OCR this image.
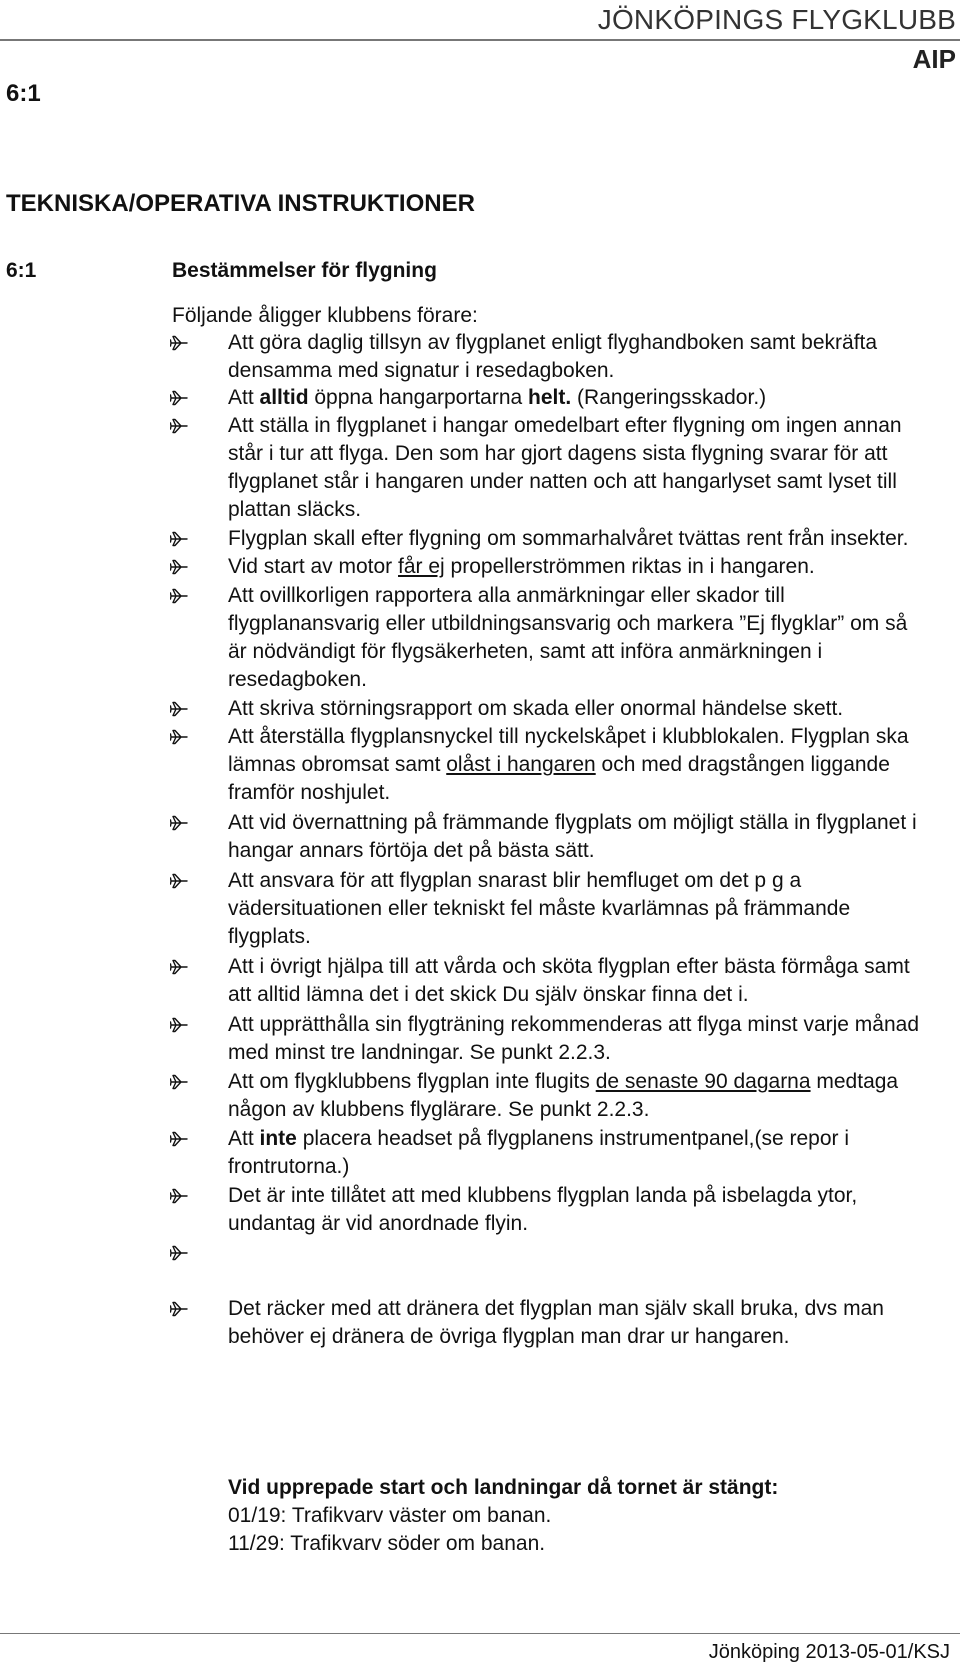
JÖNKÖPINGS FLYGKLUBB
AIP
6:1
TEKNISKA/OPERATIVA INSTRUKTIONER
6:1	Bestämmelser för flygning
Följande åligger klubbens förare:
Att göra daglig tillsyn av flygplanet enligt flyghandboken samt bekräfta densamma med signatur i resedagboken.
Att alltid öppna hangarportarna helt. (Rangeringsskador.)
Att ställa in flygplanet i hangar omedelbart efter flygning om ingen annan står i tur att flyga. Den som har gjort dagens sista flygning svarar för att flygplanet står i hangaren under natten och att hangarlyset samt lyset till plattan släcks.
Flygplan skall efter flygning om sommarhalvåret tvättas rent från insekter.
Vid start av motor får ej propellerströmmen riktas in i hangaren.
Att ovillkorligen rapportera alla anmärkningar eller skador till flygplanansvarig eller utbildningsansvarig och markera ”Ej flygklar” om så är nödvändigt för flygsäkerheten, samt att införa anmärkningen i resedagboken.
Att skriva störningsrapport om skada eller onormal händelse skett.
Att återställa flygplansnyckel till nyckelskåpet i klubblokalen. Flygplan ska lämnas obromsat samt olåst i hangaren och med dragstången liggande framför noshjulet.
Att vid övernattning på främmande flygplats om möjligt ställa in flygplanet i hangar annars förtöja det på bästa sätt.
Att ansvara för att flygplan snarast blir hemfluget om det p g a vädersituationen eller tekniskt fel måste kvarlämnas på främmande flygplats.
Att i övrigt hjälpa till att vårda och sköta flygplan efter bästa förmåga samt att alltid lämna det i det skick Du själv önskar finna det i.
Att upprätthålla sin flygträning rekommenderas att flyga minst varje månad med minst tre landningar. Se punkt 2.2.3.
Att om flygklubbens flygplan inte flugits de senaste 90 dagarna medtaga någon av klubbens flyglärare. Se punkt 2.2.3.
Att inte placera headset på flygplanens instrumentpanel,(se repor i frontrutorna.)
Det är inte tillåtet att med klubbens flygplan landa på isbelagda ytor, undantag är vid anordnade flyin.
Det räcker med att dränera det flygplan man själv skall bruka, dvs man behöver ej dränera de övriga flygplan man drar ur hangaren.
Vid upprepade start och landningar då tornet är stängt:
01/19: Trafikvarv väster om banan.
11/29: Trafikvarv söder om banan.
Jönköping 2013-05-01/KSJ
